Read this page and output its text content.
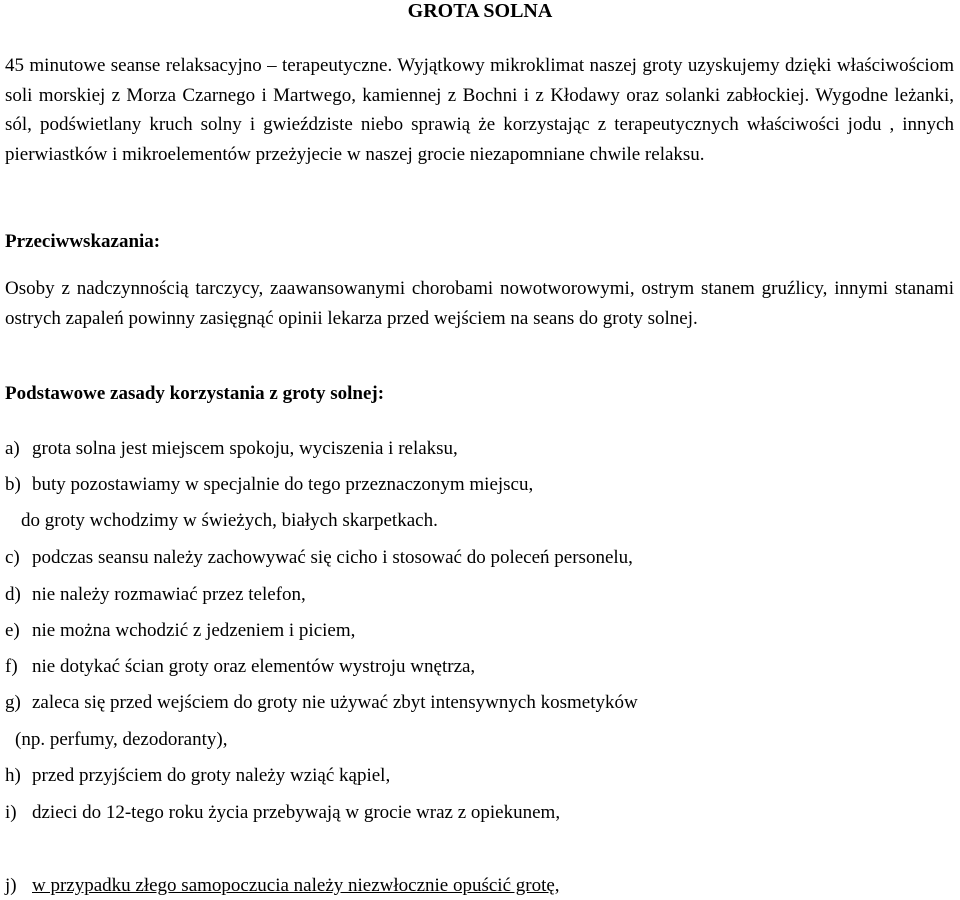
GROTA SOLNA
45 minutowe seanse relaksacyjno – terapeutyczne. Wyjątkowy mikroklimat naszej groty uzyskujemy dzięki właściwościom soli morskiej z Morza Czarnego i Martwego, kamiennej z Bochni i z Kłodawy oraz solanki zabłockiej. Wygodne leżanki, sól, podświetlany kruch solny i gwieździste niebo sprawią że korzystając z terapeutycznych właściwości jodu , innych pierwiastków i mikroelementów przeżyjecie w naszej grocie niezapomniane chwile relaksu.
Przeciwwskazania:
Osoby z nadczynnością tarczycy, zaawansowanymi chorobami nowotworowymi, ostrym stanem gruźlicy, innymi stanami ostrych zapaleń powinny zasięgnąć opinii lekarza przed wejściem na seans do groty solnej.
Podstawowe zasady korzystania z groty solnej:
a) grota solna jest miejscem spokoju, wyciszenia i relaksu,
b) buty pozostawiamy w specjalnie do tego przeznaczonym miejscu,
do groty wchodzimy w świeżych, białych skarpetkach.
c) podczas seansu należy zachowywać się cicho i stosować do poleceń personelu,
d) nie należy rozmawiać przez telefon,
e) nie można wchodzić z jedzeniem i piciem,
f) nie dotykać ścian groty oraz elementów wystroju wnętrza,
g) zaleca się przed wejściem do groty nie używać zbyt intensywnych kosmetyków
(np. perfumy, dezodoranty),
h) przed przyjściem do groty należy wziąć kąpiel,
i) dzieci do 12-tego roku życia przebywają w grocie wraz z opiekunem,
j) w przypadku złego samopoczucia należy niezwłocznie opuścić grotę,
